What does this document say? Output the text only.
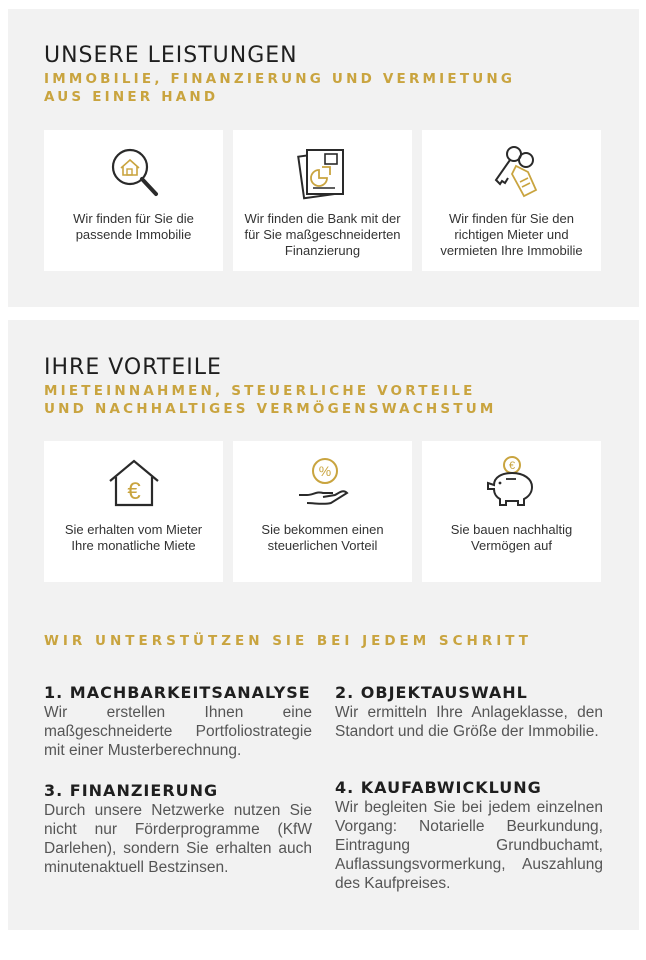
UNSERE LEISTUNGEN
IMMOBILIE, FINANZIERUNG UND VERMIETUNG
AUS EINER HAND
Wir finden für Sie die passende Immobilie
Wir finden die Bank mit der für Sie maßgeschneiderten Finanzierung
Wir finden für Sie den richtigen Mieter und vermieten Ihre Immobilie
IHRE VORTEILE
MIETEINNAHMEN, STEUERLICHE VORTEILE
UND NACHHALTIGES VERMÖGENSWACHSTUM
€
Sie erhalten vom Mieter Ihre monatliche Miete
%
Sie bekommen einen steuerlichen Vorteil
€
Sie bauen nachhaltig Vermögen auf
WIR UNTERSTÜTZEN SIE BEI JEDEM SCHRITT
1. MACHBARKEITSANALYSE
Wir erstellen Ihnen eine maßgeschneiderte Portfoliostrategie mit einer Musterberechnung.
2. OBJEKTAUSWAHL
Wir ermitteln Ihre Anlageklasse, den Standort und die Größe der Immobilie.
3. FINANZIERUNG
Durch unsere Netzwerke nutzen Sie nicht nur Förderprogramme (KfW Darlehen), sondern Sie erhalten auch minutenaktuell Bestzinsen.
4. KAUFABWICKLUNG
Wir begleiten Sie bei jedem einzelnen Vorgang: Notarielle Beurkundung, Eintragung Grundbuchamt, Auflassungsvormerkung, Auszahlung des Kaufpreises.
